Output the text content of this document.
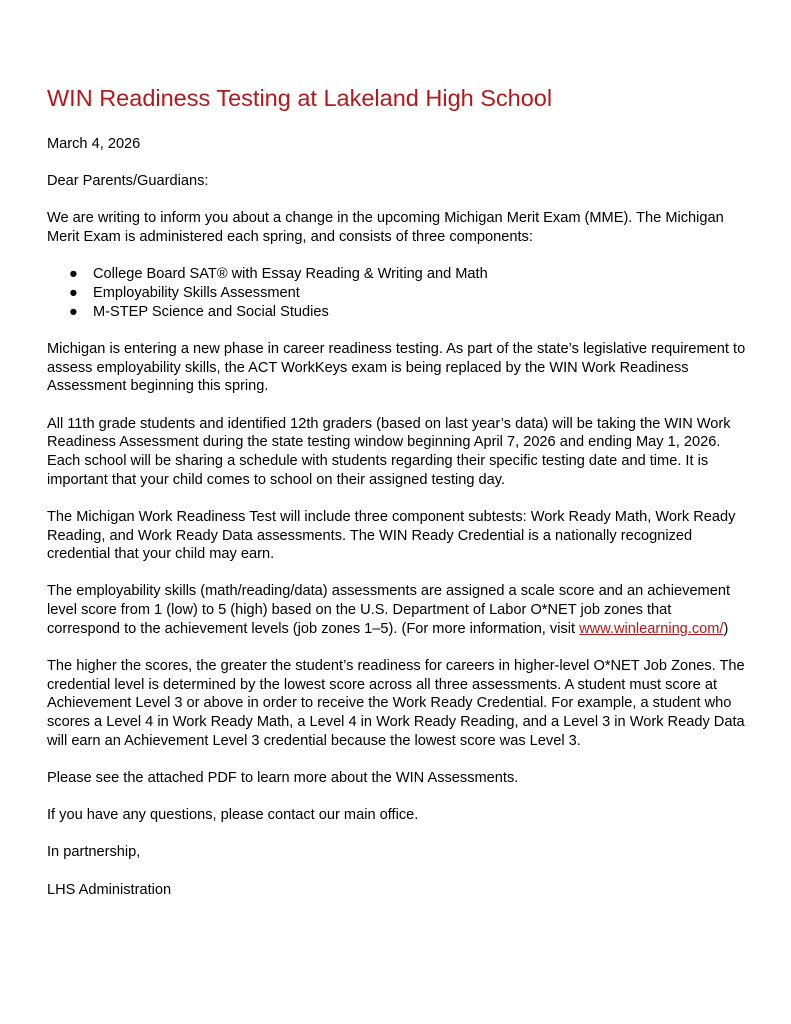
WIN Readiness Testing at Lakeland High School

March 4, 2026

Dear Parents/Guardians:

We are writing to inform you about a change in the upcoming Michigan Merit Exam (MME). The Michigan Merit Exam is administered each spring, and consists of three components:

● College Board SAT® with Essay Reading & Writing and Math
● Employability Skills Assessment
● M-STEP Science and Social Studies

Michigan is entering a new phase in career readiness testing. As part of the state’s legislative requirement to assess employability skills, the ACT WorkKeys exam is being replaced by the WIN Work Readiness Assessment beginning this spring.

All 11th grade students and identified 12th graders (based on last year’s data) will be taking the WIN Work Readiness Assessment during the state testing window beginning April 7, 2026 and ending May 1, 2026. Each school will be sharing a schedule with students regarding their specific testing date and time. It is important that your child comes to school on their assigned testing day.

The Michigan Work Readiness Test will include three component subtests: Work Ready Math, Work Ready Reading, and Work Ready Data assessments. The WIN Ready Credential is a nationally recognized credential that your child may earn.

The employability skills (math/reading/data) assessments are assigned a scale score and an achievement level score from 1 (low) to 5 (high) based on the U.S. Department of Labor O*NET job zones that correspond to the achievement levels (job zones 1–5). (For more information, visit www.winlearning.com/)

The higher the scores, the greater the student’s readiness for careers in higher-level O*NET Job Zones. The credential level is determined by the lowest score across all three assessments. A student must score at Achievement Level 3 or above in order to receive the Work Ready Credential. For example, a student who scores a Level 4 in Work Ready Math, a Level 4 in Work Ready Reading, and a Level 3 in Work Ready Data will earn an Achievement Level 3 credential because the lowest score was Level 3.

Please see the attached PDF to learn more about the WIN Assessments.

If you have any questions, please contact our main office.

In partnership,

LHS Administration
